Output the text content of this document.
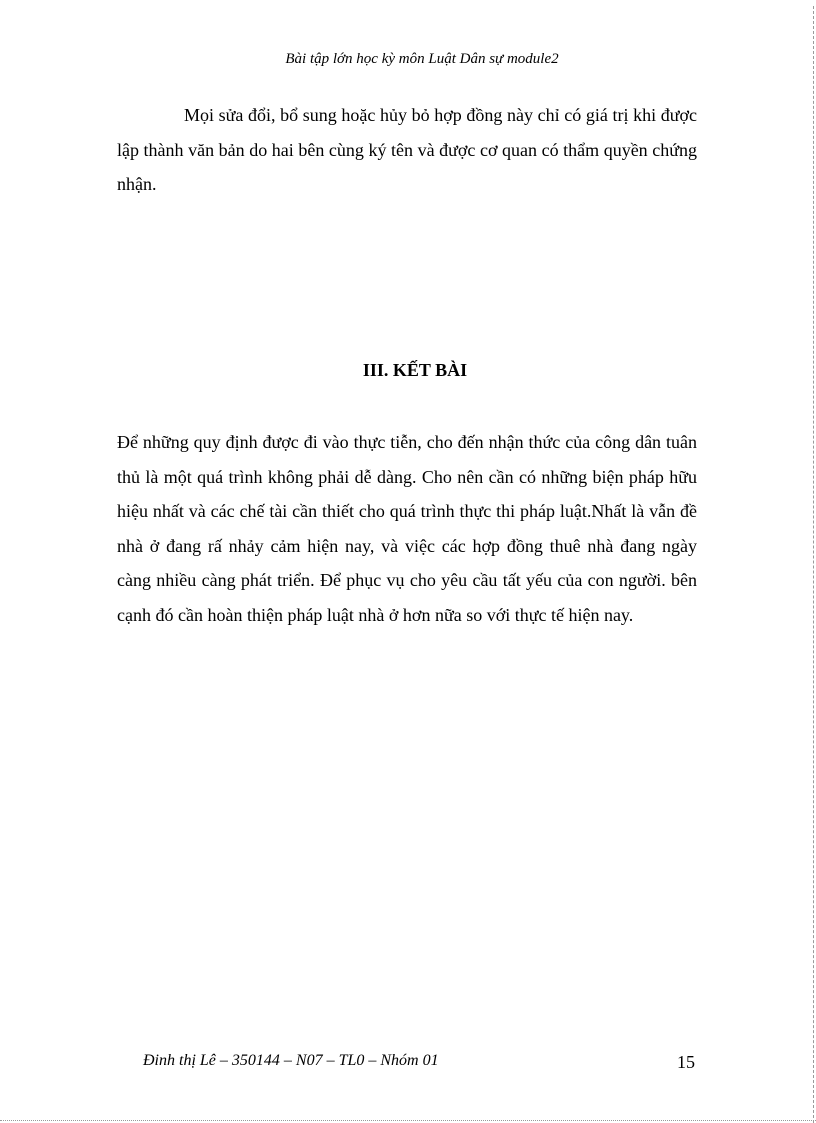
Bài tập lớn học kỳ môn Luật Dân sự module2

Mọi sửa đổi, bổ sung hoặc hủy bỏ hợp đồng này chỉ có giá trị khi được lập thành văn bản do hai bên cùng ký tên và được cơ quan có thẩm quyền chứng nhận.

III. KẾT BÀI

Để những quy định được đi vào thực tiễn, cho đến nhận thức của công dân tuân thủ là một quá trình không phải dễ dàng. Cho nên cần có những biện pháp hữu hiệu nhất và các chế tài cần thiết cho quá trình thực thi pháp luật.Nhất là vẫn đề nhà ở đang rấ nhảy cảm hiện nay, và việc các hợp đồng thuê nhà đang ngày càng nhiều càng phát triển. Để phục vụ cho yêu cầu tất yếu của con người. bên cạnh đó cần hoàn thiện pháp luật nhà ở hơn nữa so với thực tế hiện nay.

Đinh thị Lê – 350144 – N07 – TL0 – Nhóm 01	15
